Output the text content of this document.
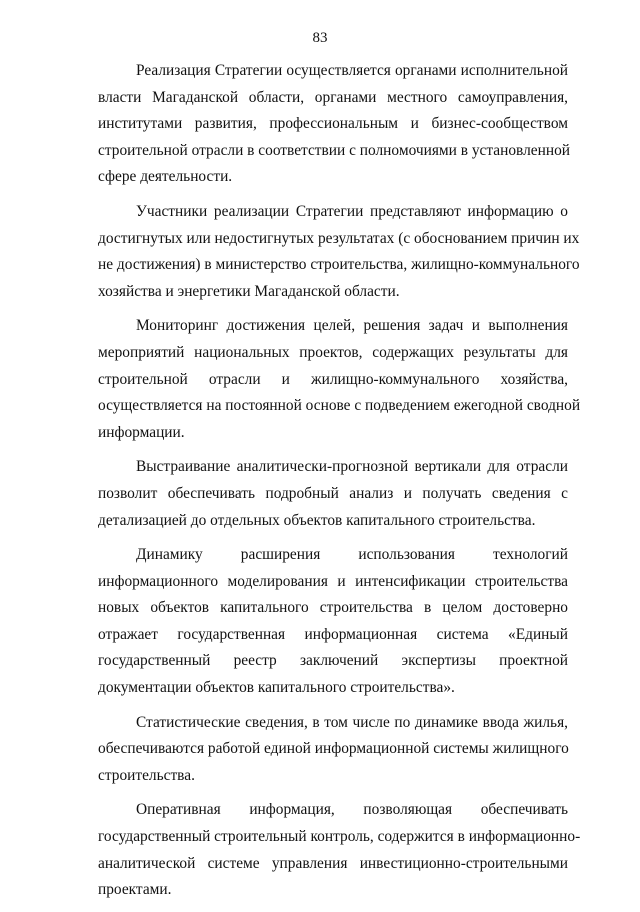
83
Реализация Стратегии осуществляется органами исполнительной
власти Магаданской области, органами местного самоуправления,
институтами развития, профессиональным и бизнес-сообществом
строительной отрасли в соответствии с полномочиями в установленной
сфере деятельности.
Участники реализации Стратегии представляют информацию о
достигнутых или недостигнутых результатах (с обоснованием причин их
не достижения) в министерство строительства, жилищно-коммунального
хозяйства и энергетики Магаданской области.
Мониторинг достижения целей, решения задач и выполнения
мероприятий национальных проектов, содержащих результаты для
строительной отрасли и жилищно-коммунального хозяйства,
осуществляется на постоянной основе с подведением ежегодной сводной
информации.
Выстраивание аналитически-прогнозной вертикали для отрасли
позволит обеспечивать подробный анализ и получать сведения с
детализацией до отдельных объектов капитального строительства.
Динамику расширения использования технологий
информационного моделирования и интенсификации строительства
новых объектов капитального строительства в целом достоверно
отражает государственная информационная система «Единый
государственный реестр заключений экспертизы проектной
документации объектов капитального строительства».
Статистические сведения, в том числе по динамике ввода жилья,
обеспечиваются работой единой информационной системы жилищного
строительства.
Оперативная информация, позволяющая обеспечивать
государственный строительный контроль, содержится в информационно-
аналитической системе управления инвестиционно-строительными
проектами.
